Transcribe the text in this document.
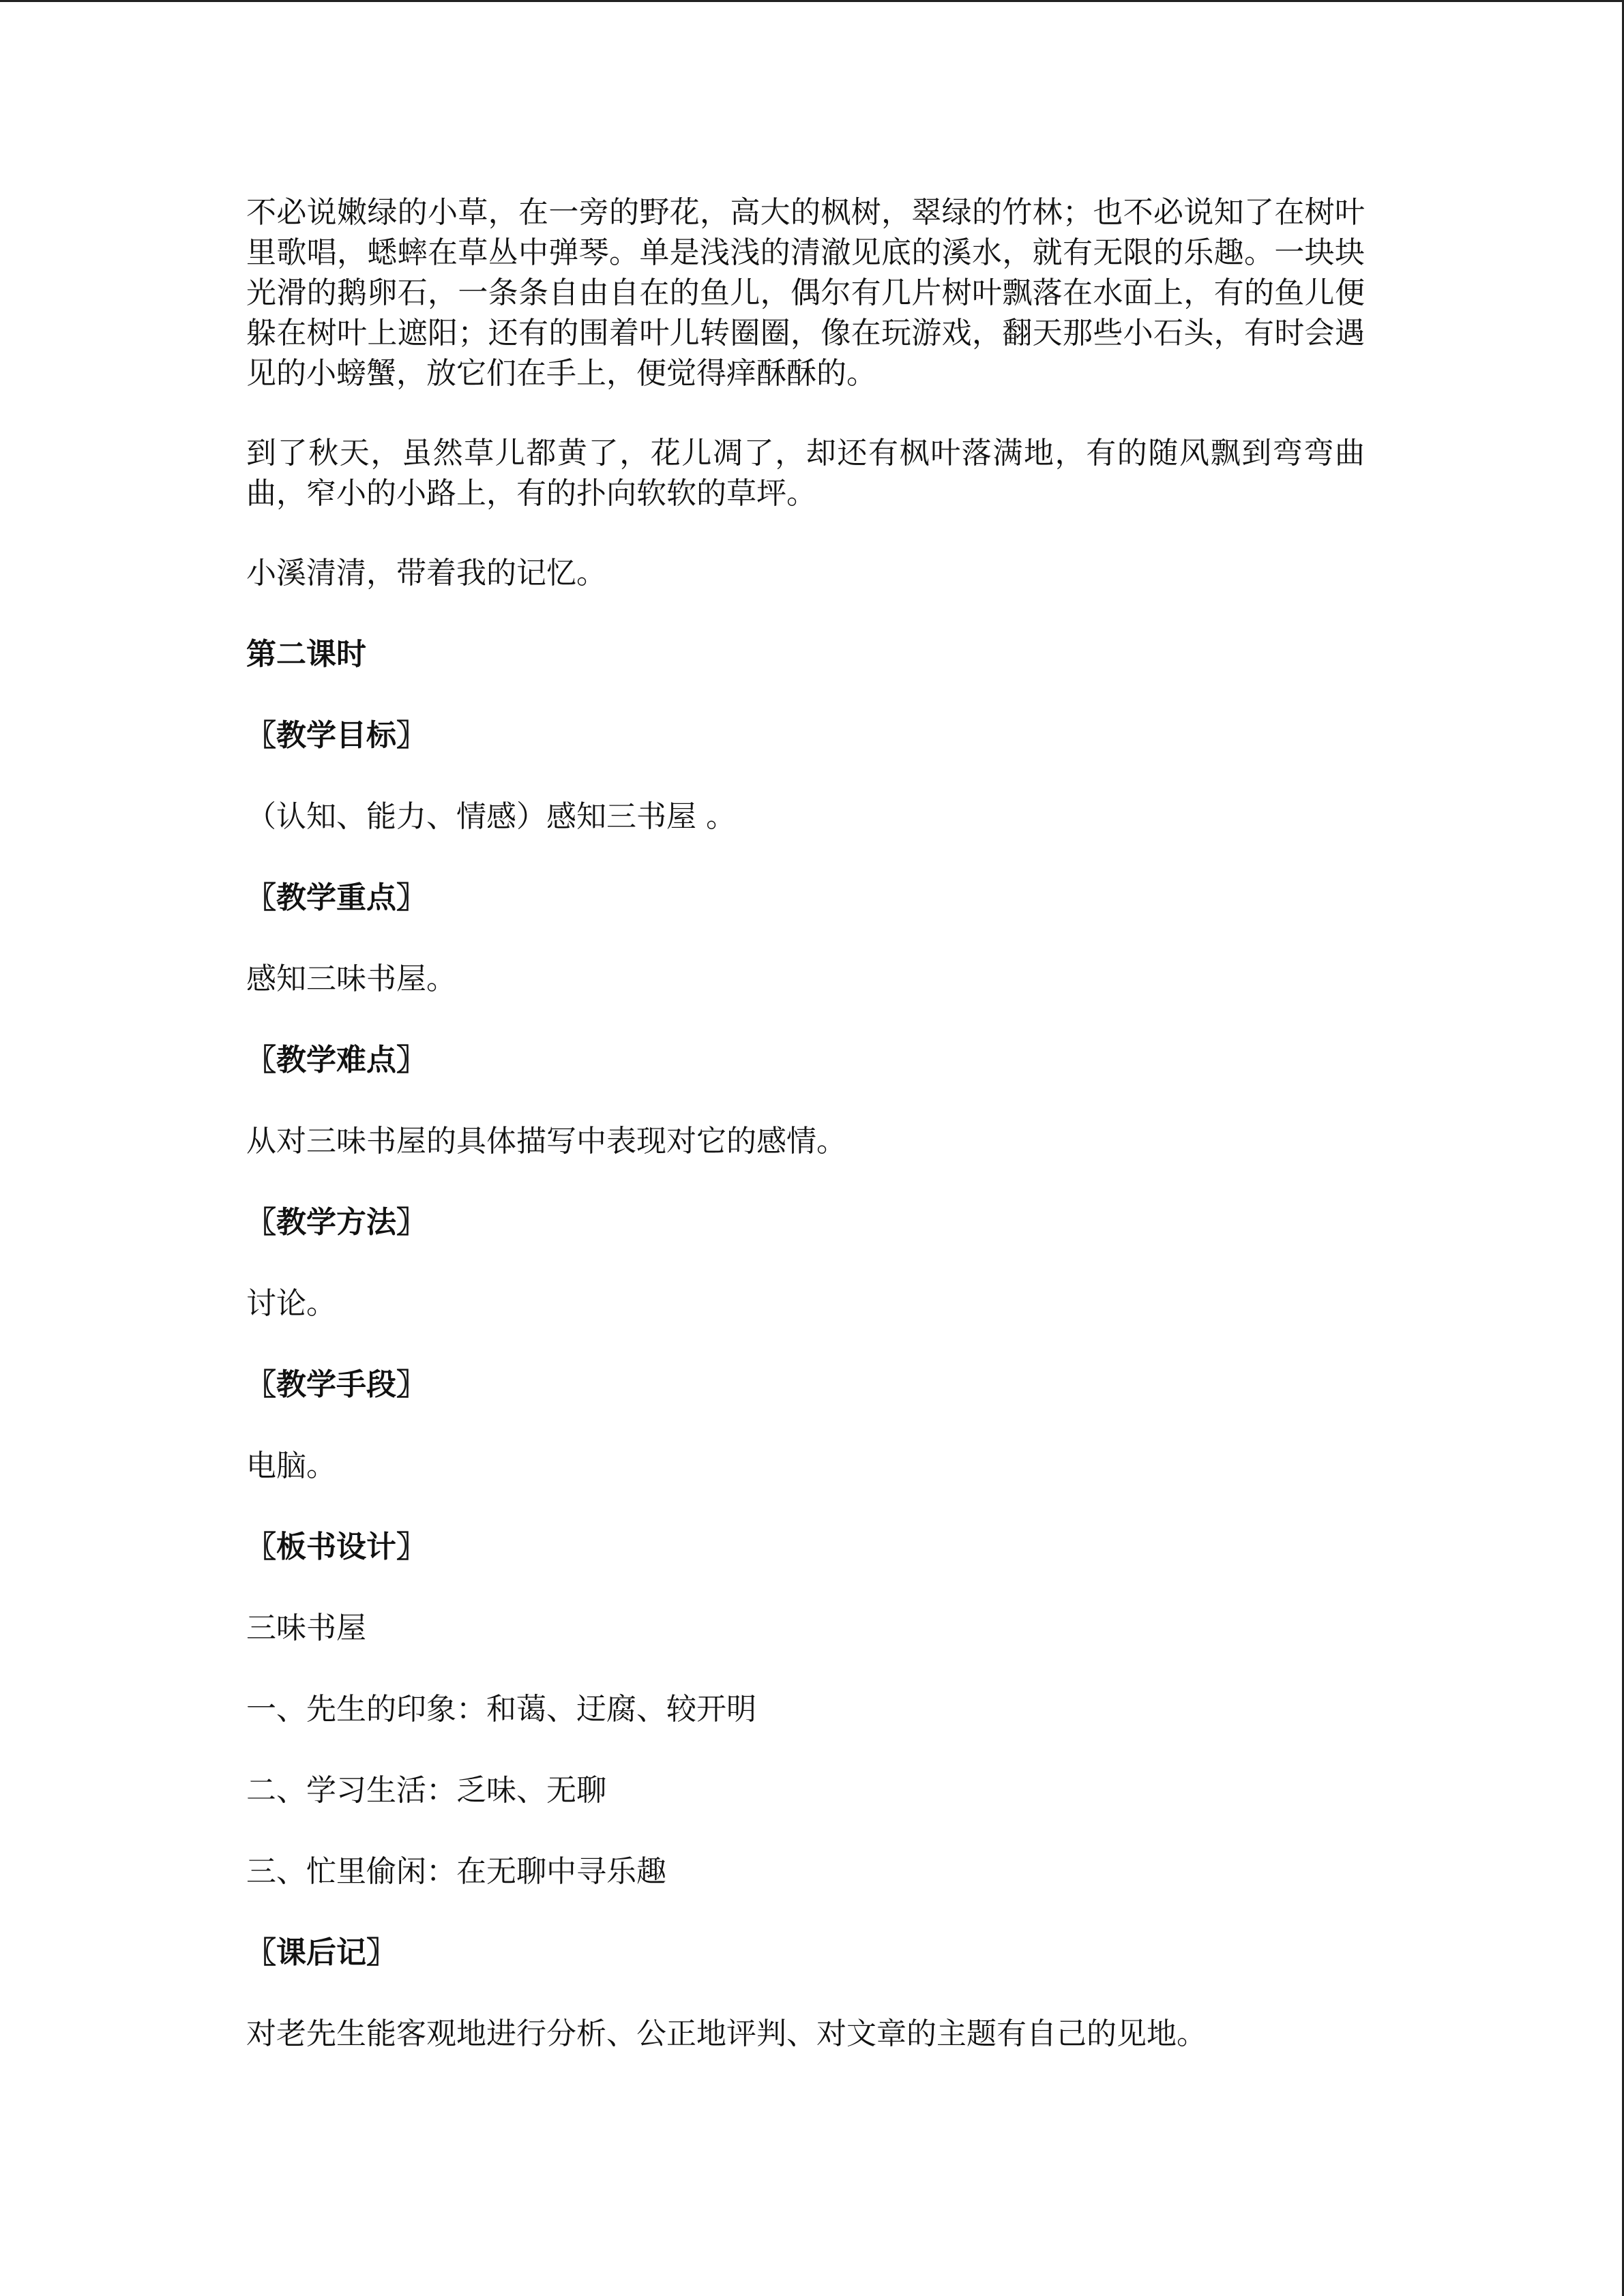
不必说嫩绿的小草，在一旁的野花，高大的枫树，翠绿的竹林；也不必说知了在树叶里歌唱，蟋蟀在草丛中弹琴。单是浅浅的清澈见底的溪水，就有无限的乐趣。一块块光滑的鹅卵石，一条条自由自在的鱼儿，偶尔有几片树叶飘落在水面上，有的鱼儿便躲在树叶上遮阳；还有的围着叶儿转圈圈，像在玩游戏，翻天那些小石头，有时会遇见的小螃蟹，放它们在手上，便觉得痒酥酥的。

到了秋天，虽然草儿都黄了，花儿凋了，却还有枫叶落满地，有的随风飘到弯弯曲曲，窄小的小路上，有的扑向软软的草坪。

小溪清清，带着我的记忆。

第二课时

〖教学目标〗

（认知、能力、情感）感知三书屋 。

〖教学重点〗

感知三味书屋。

〖教学难点〗

从对三味书屋的具体描写中表现对它的感情。

〖教学方法〗

讨论。

〖教学手段〗

电脑。

〖板书设计〗

三味书屋

一、先生的印象：和蔼、迂腐、较开明

二、学习生活：乏味、无聊

三、忙里偷闲：在无聊中寻乐趣

〖课后记〗

对老先生能客观地进行分析、公正地评判、对文章的主题有自己的见地。
